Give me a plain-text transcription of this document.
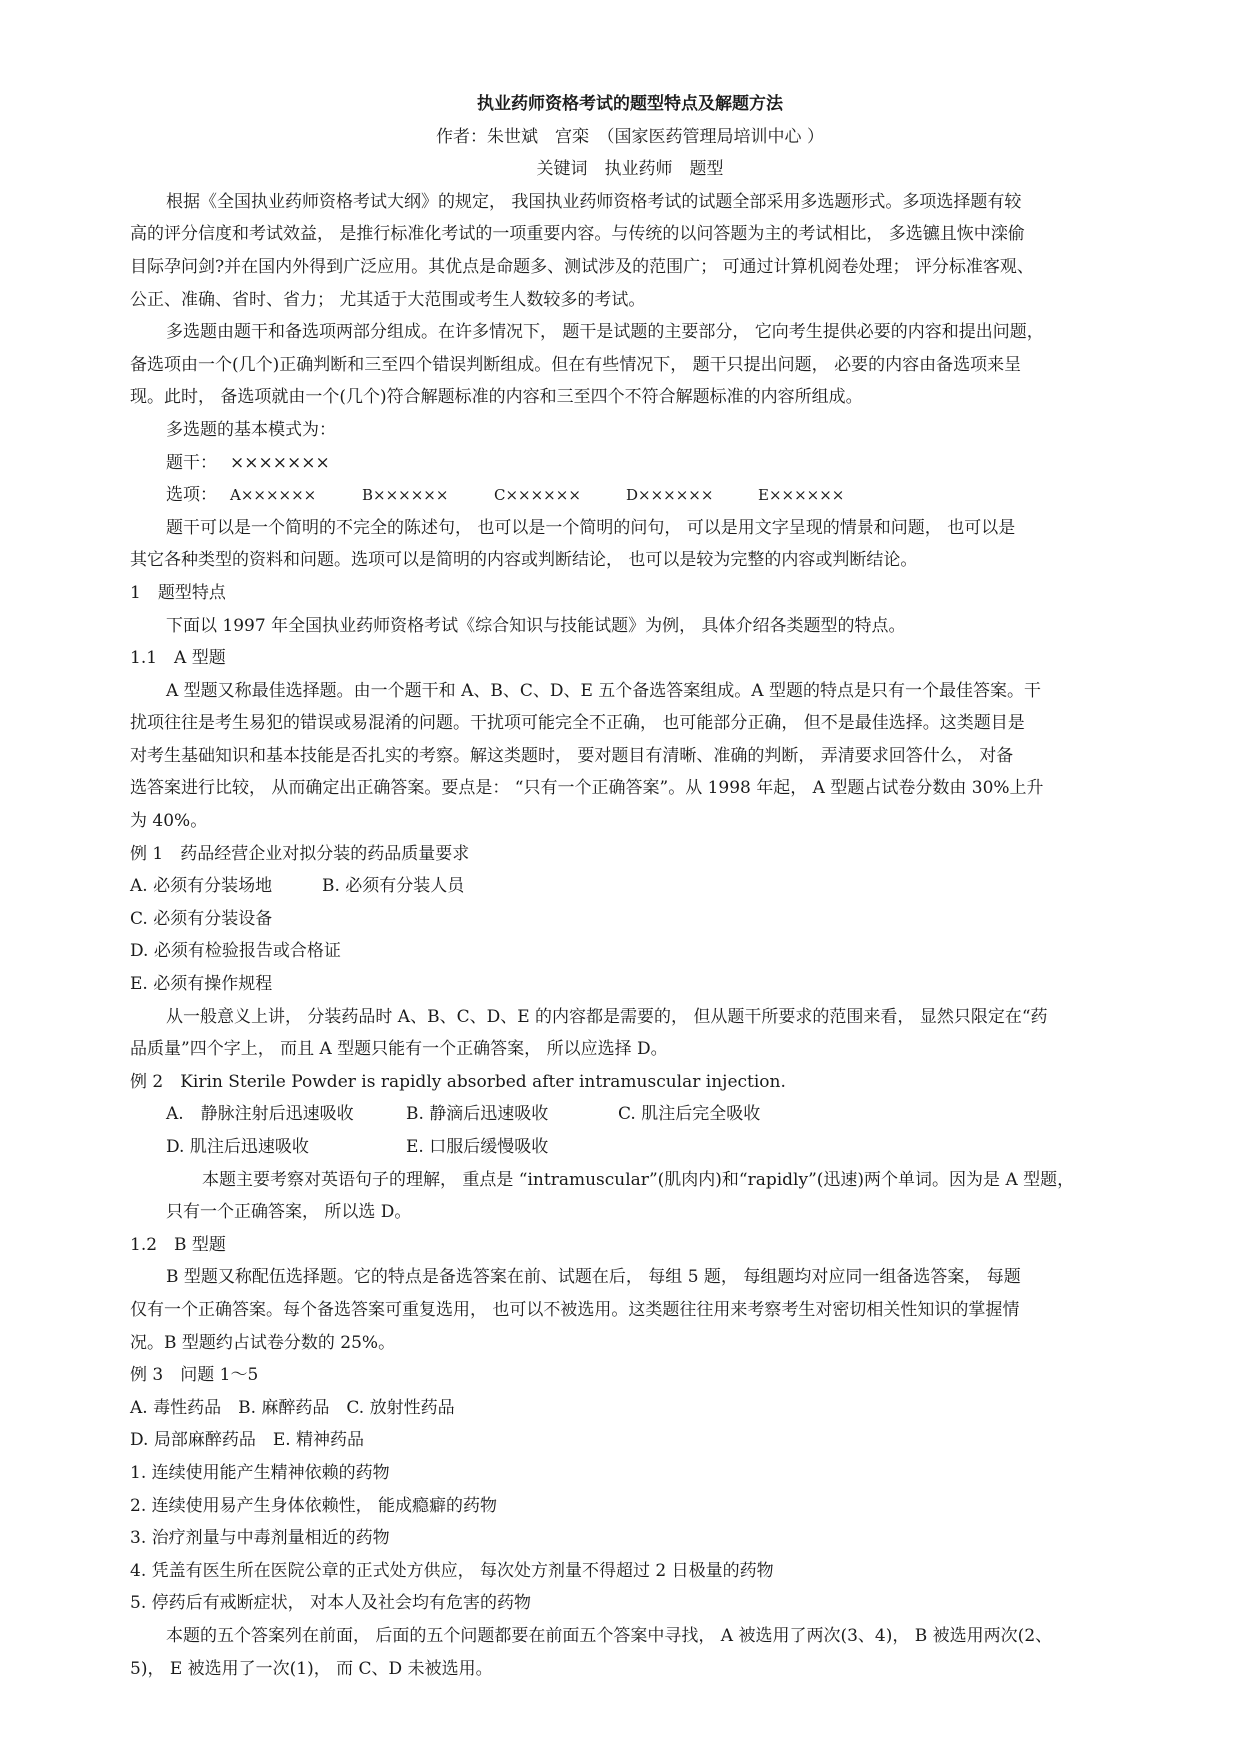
执业药师资格考试的题型特点及解题方法
作者：朱世斌　宫栾　（国家医药管理局培训中心 ）
关键词　执业药师　题型
根据《全国执业药师资格考试大纲》的规定， 我国执业药师资格考试的试题全部采用多选题形式。多项选择题有较
高的评分信度和考试效益， 是推行标准化考试的一项重要内容。与传统的以问答题为主的考试相比， 多选镳且恢中滦偷
目际孕问剑?并在国内外得到广泛应用。其优点是命题多、测试涉及的范围广； 可通过计算机阅卷处理； 评分标准客观、
公正、准确、省时、省力； 尤其适于大范围或考生人数较多的考试。
多选题由题干和备选项两部分组成。在许多情况下， 题干是试题的主要部分， 它向考生提供必要的内容和提出问题，
备选项由一个(几个)正确判断和三至四个错误判断组成。但在有些情况下， 题干只提出问题， 必要的内容由备选项来呈
现。此时， 备选项就由一个(几个)符合解题标准的内容和三至四个不符合解题标准的内容所组成。
多选题的基本模式为：
题干： ×××××××
选项： A××××××	B××××××	C××××××	D××××××	E××××××
题干可以是一个简明的不完全的陈述句， 也可以是一个简明的问句， 可以是用文字呈现的情景和问题， 也可以是
其它各种类型的资料和问题。选项可以是简明的内容或判断结论， 也可以是较为完整的内容或判断结论。
1　题型特点
下面以 1997 年全国执业药师资格考试《综合知识与技能试题》为例， 具体介绍各类题型的特点。
1.1　A 型题
A 型题又称最佳选择题。由一个题干和 A、B、C、D、E 五个备选答案组成。A 型题的特点是只有一个最佳答案。干
扰项往往是考生易犯的错误或易混淆的问题。干扰项可能完全不正确， 也可能部分正确， 但不是最佳选择。这类题目是
对考生基础知识和基本技能是否扎实的考察。解这类题时， 要对题目有清晰、准确的判断， 弄清要求回答什么， 对备
选答案进行比较， 从而确定出正确答案。要点是： “只有一个正确答案”。从 1998 年起， A 型题占试卷分数由 30%上升
为 40%。
例 1　药品经营企业对拟分装的药品质量要求
A. 必须有分装场地	B. 必须有分装人员
C. 必须有分装设备
D. 必须有检验报告或合格证
E. 必须有操作规程
从一般意义上讲， 分装药品时 A、B、C、D、E 的内容都是需要的， 但从题干所要求的范围来看， 显然只限定在“药
品质量”四个字上， 而且 A 型题只能有一个正确答案， 所以应选择 D。
例 2　Kirin Sterile Powder is rapidly absorbed after intramuscular injection.
A.　静脉注射后迅速吸收	B. 静滴后迅速吸收	C. 肌注后完全吸收
D. 肌注后迅速吸收	E. 口服后缓慢吸收
本题主要考察对英语句子的理解， 重点是 “intramuscular”(肌肉内)和“rapidly”(迅速)两个单词。因为是 A 型题，
只有一个正确答案， 所以选 D。
1.2　B 型题
B 型题又称配伍选择题。它的特点是备选答案在前、试题在后， 每组 5 题， 每组题均对应同一组备选答案， 每题
仅有一个正确答案。每个备选答案可重复选用， 也可以不被选用。这类题往往用来考察考生对密切相关性知识的掌握情
况。B 型题约占试卷分数的 25%。
例 3　问题 1～5
A. 毒性药品　B. 麻醉药品　C. 放射性药品
D. 局部麻醉药品　E. 精神药品
1. 连续使用能产生精神依赖的药物
2. 连续使用易产生身体依赖性， 能成瘾癖的药物
3. 治疗剂量与中毒剂量相近的药物
4. 凭盖有医生所在医院公章的正式处方供应， 每次处方剂量不得超过 2 日极量的药物
5. 停药后有戒断症状， 对本人及社会均有危害的药物
本题的五个答案列在前面， 后面的五个问题都要在前面五个答案中寻找， A 被选用了两次(3、4)， B 被选用两次(2、
5)， E 被选用了一次(1)， 而 C、D 未被选用。
